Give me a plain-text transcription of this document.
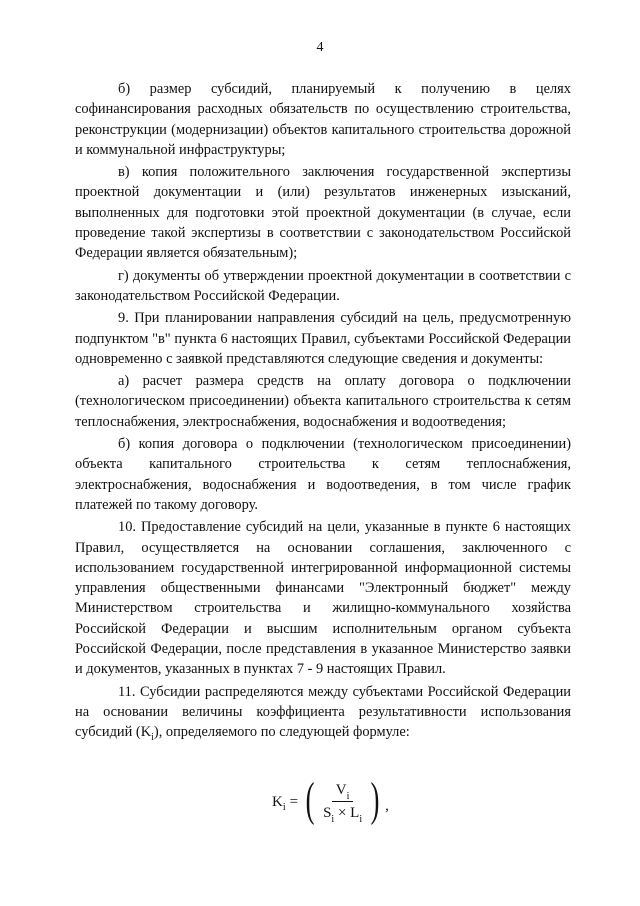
4

б) размер субсидий, планируемый к получению в целях софинансирования расходных обязательств по осуществлению строительства, реконструкции (модернизации) объектов капитального строительства дорожной и коммунальной инфраструктуры;

в) копия положительного заключения государственной экспертизы проектной документации и (или) результатов инженерных изысканий, выполненных для подготовки этой проектной документации (в случае, если проведение такой экспертизы в соответствии с законодательством Российской Федерации является обязательным);

г) документы об утверждении проектной документации в соответствии с законодательством Российской Федерации.

9. При планировании направления субсидий на цель, предусмотренную подпунктом "в" пункта 6 настоящих Правил, субъектами Российской Федерации одновременно с заявкой представляются следующие сведения и документы:

а) расчет размера средств на оплату договора о подключении (технологическом присоединении) объекта капитального строительства к сетям теплоснабжения, электроснабжения, водоснабжения и водоотведения;

б) копия договора о подключении (технологическом присоединении) объекта капитального строительства к сетям теплоснабжения, электроснабжения, водоснабжения и водоотведения, в том числе график платежей по такому договору.

10. Предоставление субсидий на цели, указанные в пункте 6 настоящих Правил, осуществляется на основании соглашения, заключенного с использованием государственной интегрированной информационной системы управления общественными финансами "Электронный бюджет" между Министерством строительства и жилищно-коммунального хозяйства Российской Федерации и высшим исполнительным органом субъекта Российской Федерации, после представления в указанное Министерство заявки и документов, указанных в пунктах 7 - 9 настоящих Правил.

11. Субсидии распределяются между субъектами Российской Федерации на основании величины коэффициента результативности использования субсидий $(K_i)$, определяемого по следующей формуле:

K i = ( $\frac{V_i}{S_i \times L_i}$ ) ,
